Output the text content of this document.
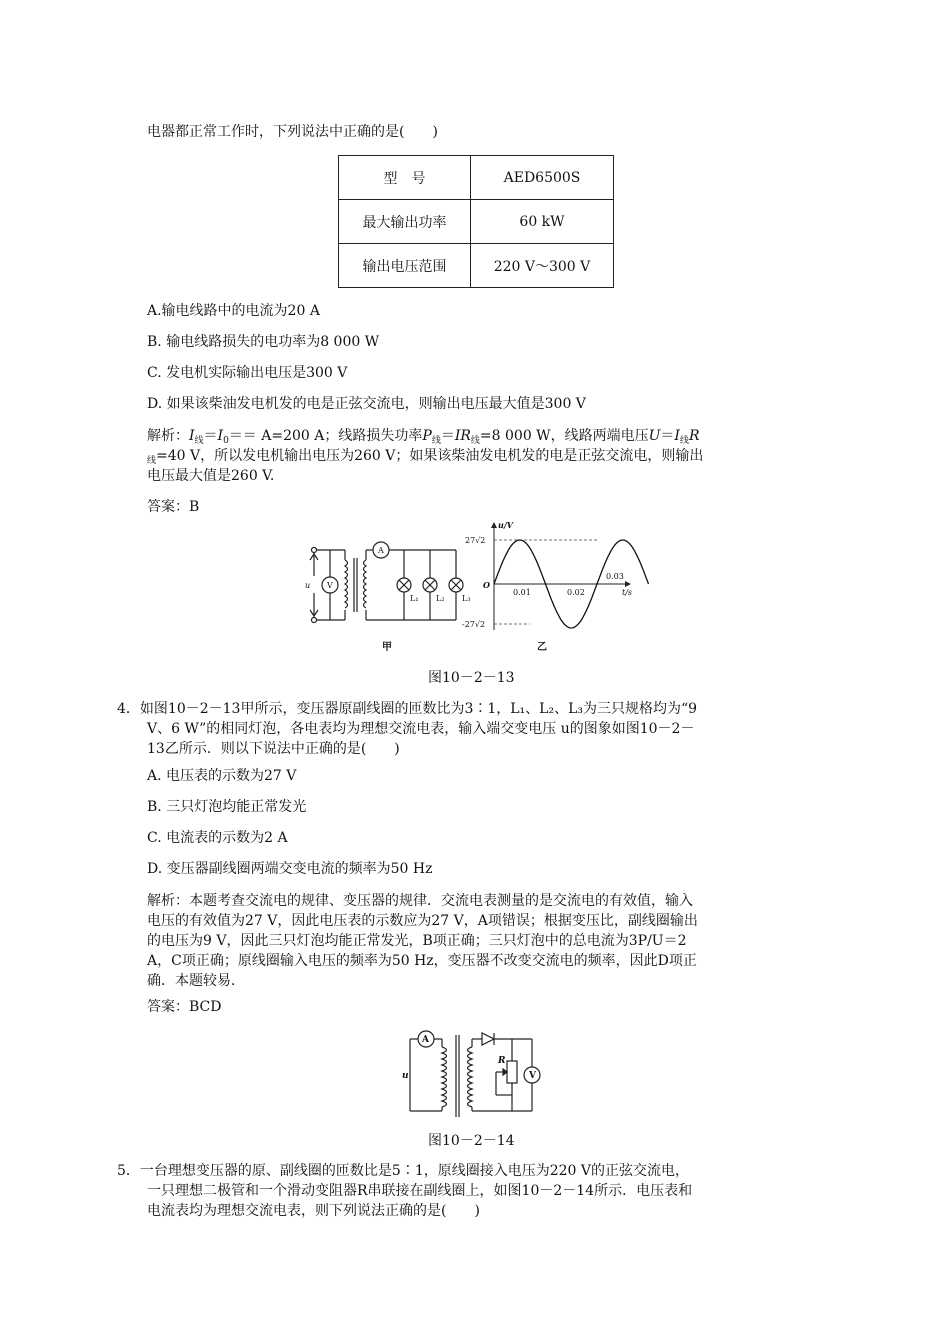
电器都正常工作时，下列说法中正确的是(　　)
型　号	AED6500S
最大输出功率	60 kW
输出电压范围	220 V～300 V
A.输电线路中的电流为20 A
B. 输电线路损失的电功率为8 000 W
C. 发电机实际输出电压是300 V
D. 如果该柴油发电机发的电是正弦交流电，则输出电压最大值是300 V
解析：$I_线=I_0== A=200$ A；线路损失功率$P_线=IR_线=8$ 000 W，线路两端电压$U=I_线R$
$_线$=40 V，所以发电机输出电压为260 V；如果该柴油发电机发的电是正弦交流电，则输出
电压最大值是260 V.
答案：B
u V
A
L₁ L₂ L₃
甲
u/V
t/s
27√2
-27√2
O
0.01	0.02
0.03
乙
图10－2－13
4．如图10－2－13甲所示，变压器原副线圈的匝数比为3∶1，L₁、L₂、L₃为三只规格均为“9
V、6 W”的相同灯泡，各电表均为理想交流电表，输入端交变电压 u的图象如图10－2－
13乙所示．则以下说法中正确的是(　　)
A. 电压表的示数为27 V
B. 三只灯泡均能正常发光
C. 电流表的示数为2 A
D. 变压器副线圈两端交变电流的频率为50 Hz
解析：本题考查交流电的规律、变压器的规律．交流电表测量的是交流电的有效值，输入
电压的有效值为27 V，因此电压表的示数应为27 V，A项错误；根据变压比，副线圈输出
的电压为9 V，因此三只灯泡均能正常发光，B项正确；三只灯泡中的总电流为3P/U＝2
A，C项正确；原线圈输入电压的频率为50 Hz，变压器不改变交流电的频率，因此D项正
确．本题较易．
答案：BCD
A
V
u
R
图10－2－14
5．一台理想变压器的原、副线圈的匝数比是5∶1，原线圈接入电压为220 V的正弦交流电，
一只理想二极管和一个滑动变阻器R串联接在副线圈上，如图10－2－14所示．电压表和
电流表均为理想交流电表，则下列说法正确的是(　　)
